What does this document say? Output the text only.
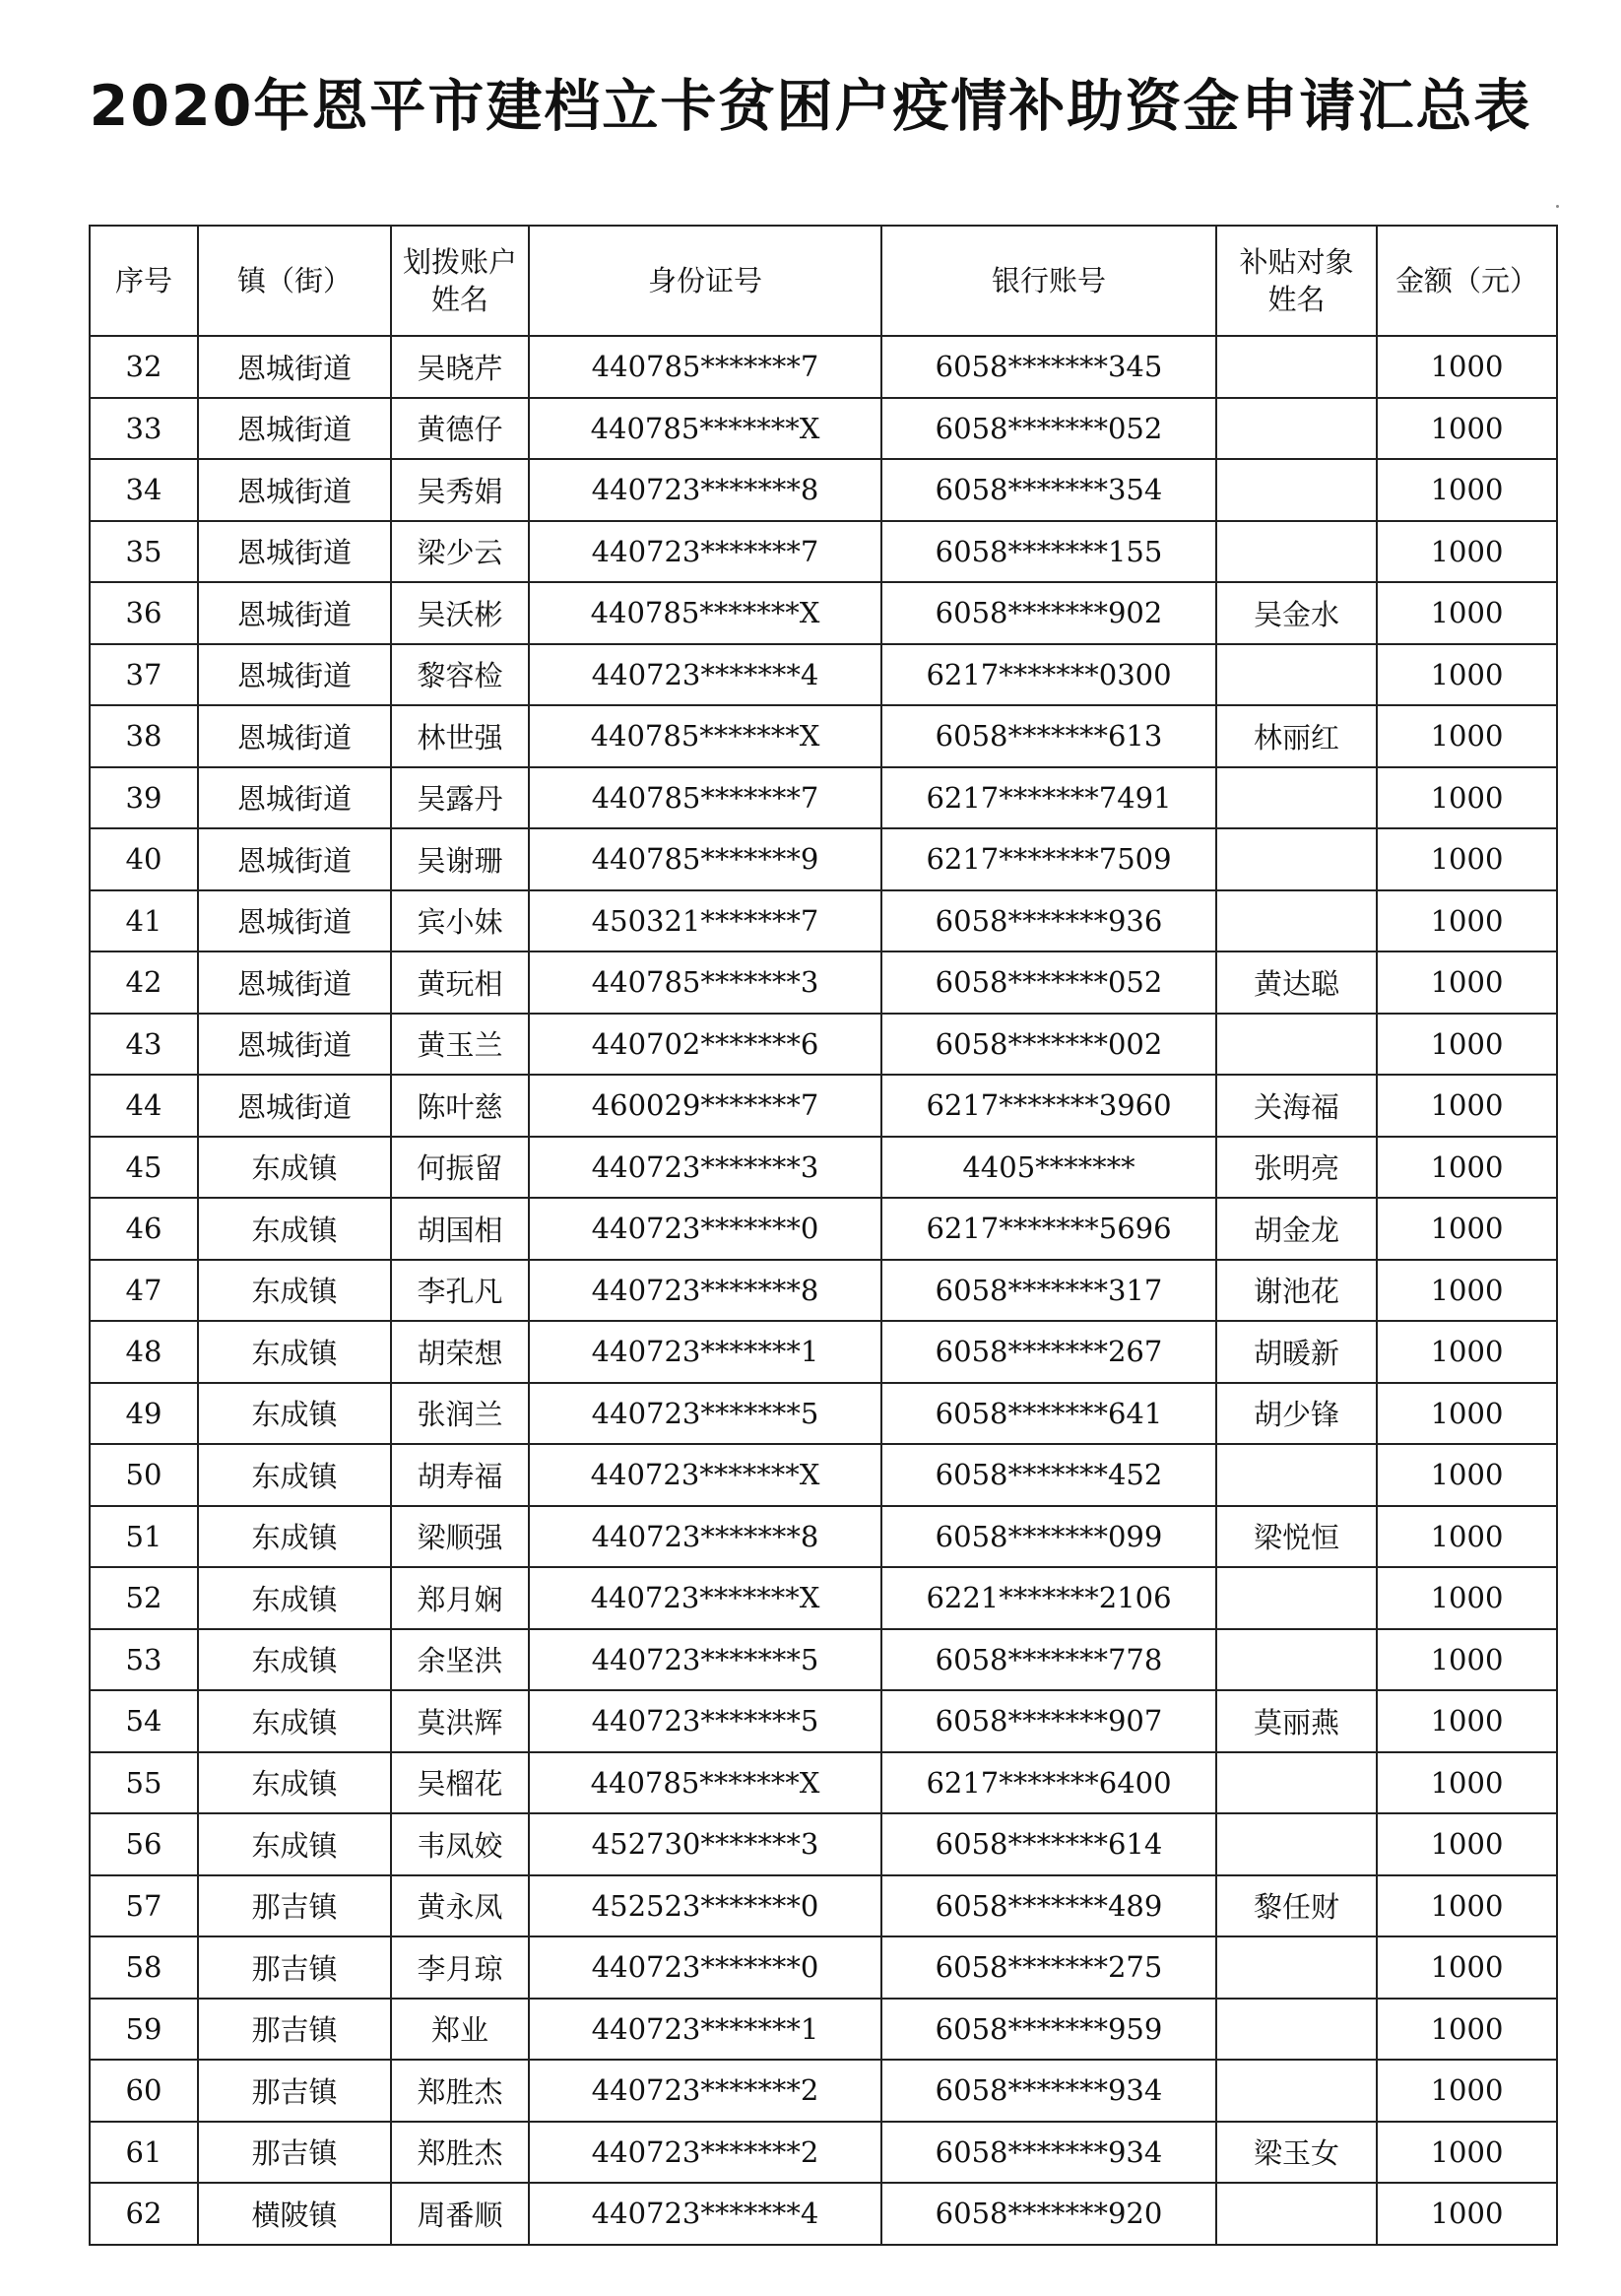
2020年恩平市建档立卡贫困户疫情补助资金申请汇总表
序号	镇（街）	划拨账户姓名	身份证号	银行账号	补贴对象姓名	金额（元）
32	恩城街道	吴晓芹	440785*******7	6058*******345		1000
33	恩城街道	黄德仔	440785*******X	6058*******052		1000
34	恩城街道	吴秀娟	440723*******8	6058*******354		1000
35	恩城街道	梁少云	440723*******7	6058*******155		1000
36	恩城街道	吴沃彬	440785*******X	6058*******902	吴金水	1000
37	恩城街道	黎容检	440723*******4	6217*******0300		1000
38	恩城街道	林世强	440785*******X	6058*******613	林丽红	1000
39	恩城街道	吴露丹	440785*******7	6217*******7491		1000
40	恩城街道	吴谢珊	440785*******9	6217*******7509		1000
41	恩城街道	宾小妹	450321*******7	6058*******936		1000
42	恩城街道	黄玩相	440785*******3	6058*******052	黄达聪	1000
43	恩城街道	黄玉兰	440702*******6	6058*******002		1000
44	恩城街道	陈叶慈	460029*******7	6217*******3960	关海福	1000
45	东成镇	何振留	440723*******3	4405*******	张明亮	1000
46	东成镇	胡国相	440723*******0	6217*******5696	胡金龙	1000
47	东成镇	李孔凡	440723*******8	6058*******317	谢池花	1000
48	东成镇	胡荣想	440723*******1	6058*******267	胡暖新	1000
49	东成镇	张润兰	440723*******5	6058*******641	胡少锋	1000
50	东成镇	胡寿福	440723*******X	6058*******452		1000
51	东成镇	梁顺强	440723*******8	6058*******099	梁悦恒	1000
52	东成镇	郑月娴	440723*******X	6221*******2106		1000
53	东成镇	余坚洪	440723*******5	6058*******778		1000
54	东成镇	莫洪辉	440723*******5	6058*******907	莫丽燕	1000
55	东成镇	吴榴花	440785*******X	6217*******6400		1000
56	东成镇	韦凤姣	452730*******3	6058*******614		1000
57	那吉镇	黄永凤	452523*******0	6058*******489	黎任财	1000
58	那吉镇	李月琼	440723*******0	6058*******275		1000
59	那吉镇	郑业	440723*******1	6058*******959		1000
60	那吉镇	郑胜杰	440723*******2	6058*******934		1000
61	那吉镇	郑胜杰	440723*******2	6058*******934	梁玉女	1000
62	横陂镇	周番顺	440723*******4	6058*******920		1000
